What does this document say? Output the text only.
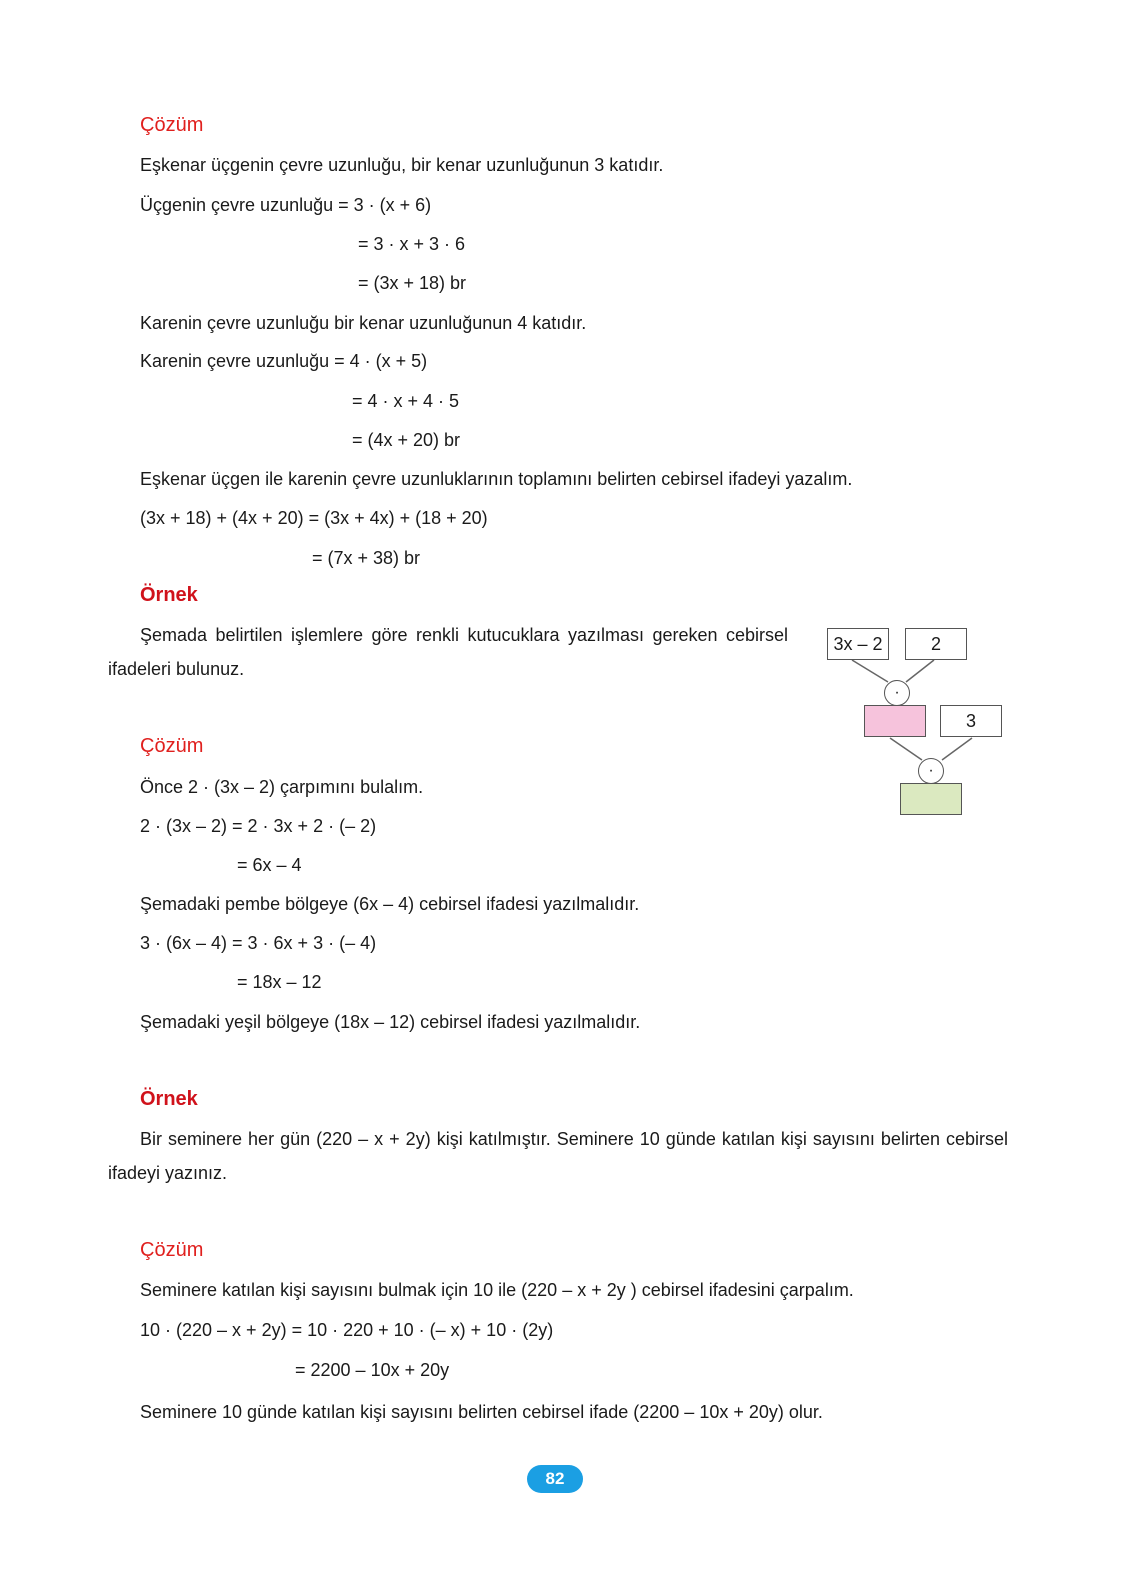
Çözüm
Eşkenar üçgenin çevre uzunluğu, bir kenar uzunluğunun 3 katıdır.
Üçgenin çevre uzunluğu = 3 · (x + 6)
= 3 · x + 3 · 6
= (3x + 18) br
Karenin çevre uzunluğu bir kenar uzunluğunun 4 katıdır.
Karenin çevre uzunluğu = 4 · (x + 5)
= 4 · x + 4 · 5
= (4x + 20) br
Eşkenar üçgen ile karenin çevre uzunluklarının toplamını belirten cebirsel ifadeyi yazalım.
(3x + 18) + (4x + 20) = (3x + 4x) + (18 + 20)
= (7x + 38) br
Örnek
Şemada belirtilen işlemlere göre renkli kutucuklara yazılması gereken cebirsel ifadeleri bulunuz.
3x – 2	2
·
3
·
Çözüm
Önce 2 · (3x – 2) çarpımını bulalım.
2 · (3x – 2) = 2 · 3x + 2 · (– 2)
= 6x – 4
Şemadaki pembe bölgeye (6x – 4) cebirsel ifadesi yazılmalıdır.
3 · (6x – 4) = 3 · 6x + 3 · (– 4)
= 18x – 12
Şemadaki yeşil bölgeye (18x – 12) cebirsel ifadesi yazılmalıdır.
Örnek
Bir seminere her gün (220 – x + 2y) kişi katılmıştır. Seminere 10 günde katılan kişi sayısını belirten cebirsel ifadeyi yazınız.
Çözüm
Seminere katılan kişi sayısını bulmak için 10 ile (220 – x + 2y ) cebirsel ifadesini çarpalım.
10 · (220 – x + 2y) = 10 · 220 + 10 · (– x) + 10 · (2y)
= 2200 – 10x + 20y
Seminere 10 günde katılan kişi sayısını belirten cebirsel ifade (2200 – 10x + 20y) olur.
82
